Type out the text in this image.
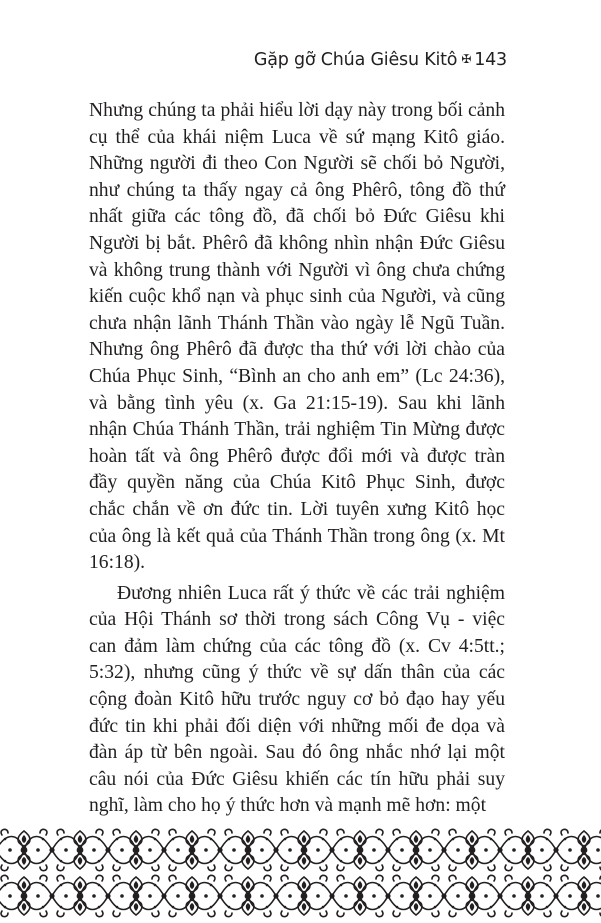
Gặp gỡ Chúa Giêsu Kitô ✠ 143

Nhưng chúng ta phải hiểu lời dạy này trong bối cảnh cụ thể của khái niệm Luca về sứ mạng Kitô giáo. Những người đi theo Con Người sẽ chối bỏ Người, như chúng ta thấy ngay cả ông Phêrô, tông đồ thứ nhất giữa các tông đồ, đã chối bỏ Đức Giêsu khi Người bị bắt. Phêrô đã không nhìn nhận Đức Giêsu và không trung thành với Người vì ông chưa chứng kiến cuộc khổ nạn và phục sinh của Người, và cũng chưa nhận lãnh Thánh Thần vào ngày lễ Ngũ Tuần. Nhưng ông Phêrô đã được tha thứ với lời chào của Chúa Phục Sinh, “Bình an cho anh em” (Lc 24:36), và bằng tình yêu (x. Ga 21:15-19). Sau khi lãnh nhận Chúa Thánh Thần, trải nghiệm Tin Mừng được hoàn tất và ông Phêrô được đổi mới và được tràn đầy quyền năng của Chúa Kitô Phục Sinh, được chắc chắn về ơn đức tin. Lời tuyên xưng Kitô học của ông là kết quả của Thánh Thần trong ông (x. Mt 16:18).

Đương nhiên Luca rất ý thức về các trải nghiệm của Hội Thánh sơ thời trong sách Công Vụ - việc can đảm làm chứng của các tông đồ (x. Cv 4:5tt.; 5:32), nhưng cũng ý thức về sự dấn thân của các cộng đoàn Kitô hữu trước nguy cơ bỏ đạo hay yếu đức tin khi phải đối diện với những mối đe dọa và đàn áp từ bên ngoài. Sau đó ông nhắc nhớ lại một câu nói của Đức Giêsu khiến các tín hữu phải suy nghĩ, làm cho họ ý thức hơn và mạnh mẽ hơn: một
